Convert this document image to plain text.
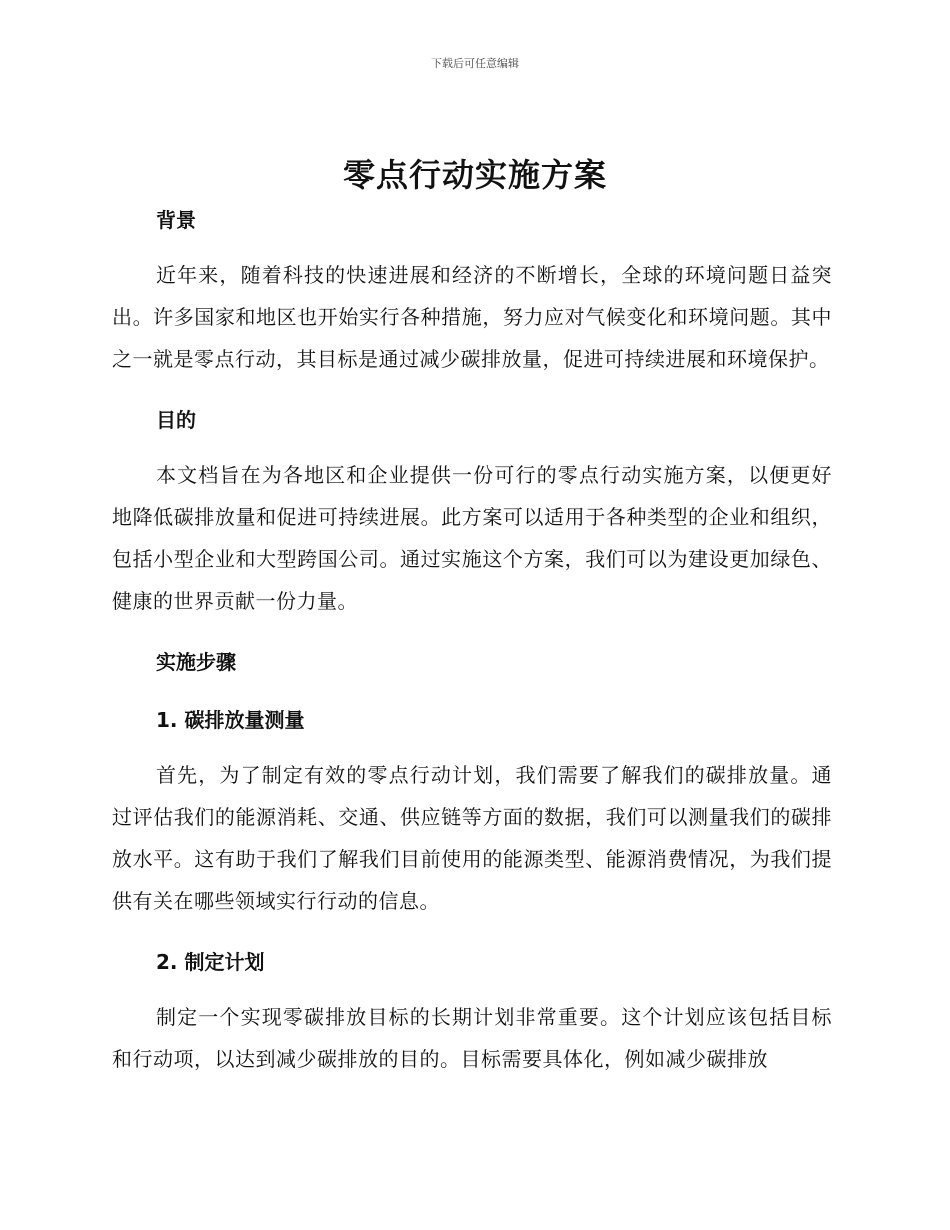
下载后可任意编辑
零点行动实施方案
背景

近年来，随着科技的快速进展和经济的不断增长，全球的环境问题日益突出。许多国家和地区也开始实行各种措施，努力应对气候变化和环境问题。其中之一就是零点行动，其目标是通过减少碳排放量，促进可持续进展和环境保护。

目的

本文档旨在为各地区和企业提供一份可行的零点行动实施方案，以便更好地降低碳排放量和促进可持续进展。此方案可以适用于各种类型的企业和组织，包括小型企业和大型跨国公司。通过实施这个方案，我们可以为建设更加绿色、健康的世界贡献一份力量。

实施步骤
1. 碳排放量测量

首先，为了制定有效的零点行动计划，我们需要了解我们的碳排放量。通过评估我们的能源消耗、交通、供应链等方面的数据，我们可以测量我们的碳排放水平。这有助于我们了解我们目前使用的能源类型、能源消费情况，为我们提供有关在哪些领域实行行动的信息。

2. 制定计划

制定一个实现零碳排放目标的长期计划非常重要。这个计划应该包括目标和行动项，以达到减少碳排放的目的。目标需要具体化，例如减少碳排放
